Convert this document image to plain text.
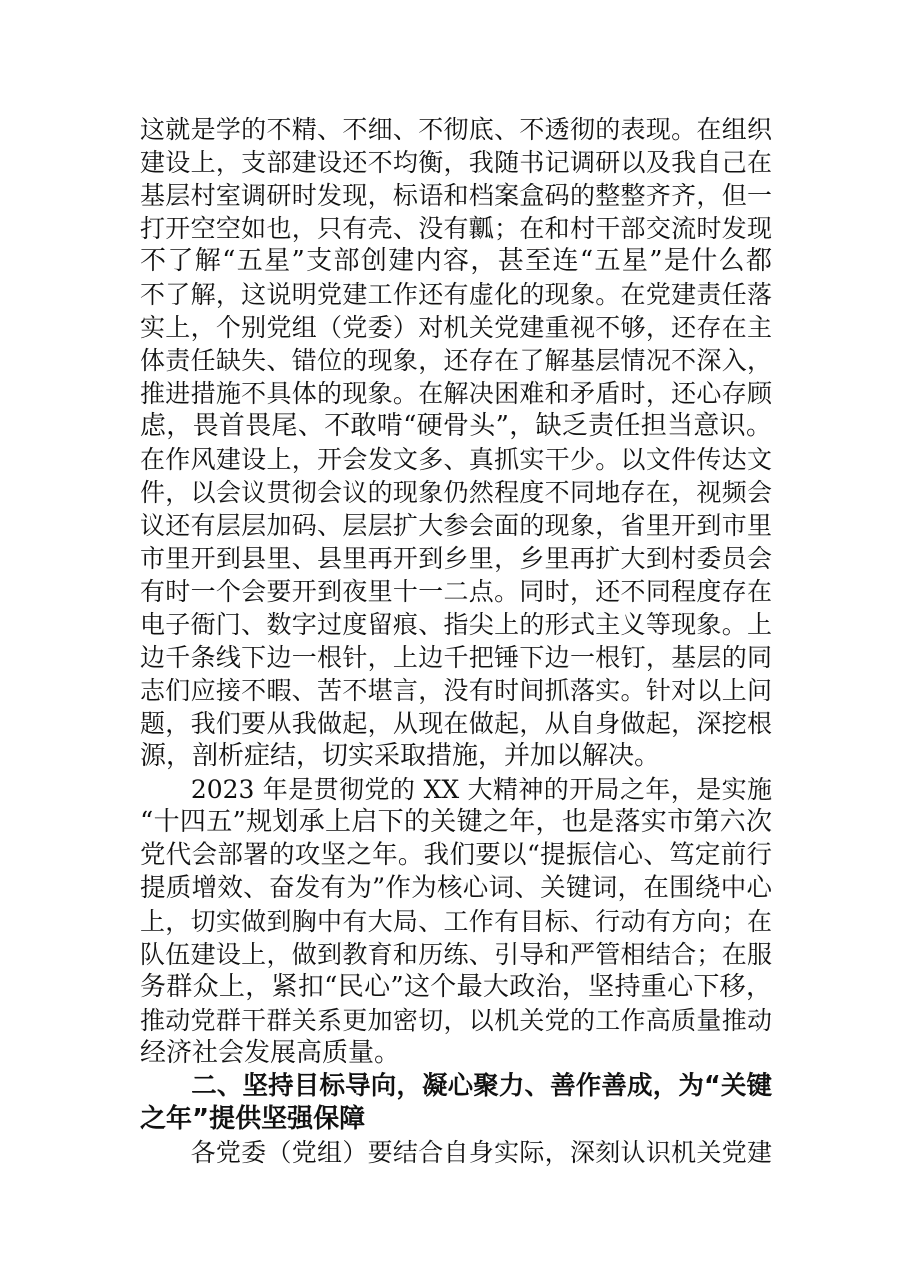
这就是学的不精、不细、不彻底、不透彻的表现。在组织
建设上，支部建设还不均衡，我随书记调研以及我自己在
基层村室调研时发现，标语和档案盒码的整整齐齐，但一
打开空空如也，只有壳、没有瓤；在和村干部交流时发现
不了解“五星”支部创建内容，甚至连“五星”是什么都
不了解，这说明党建工作还有虚化的现象。在党建责任落
实上，个别党组（党委）对机关党建重视不够，还存在主
体责任缺失、错位的现象，还存在了解基层情况不深入，
推进措施不具体的现象。在解决困难和矛盾时，还心存顾
虑，畏首畏尾、不敢啃“硬骨头”，缺乏责任担当意识。
在作风建设上，开会发文多、真抓实干少。以文件传达文
件，以会议贯彻会议的现象仍然程度不同地存在，视频会
议还有层层加码、层层扩大参会面的现象，省里开到市里
市里开到县里、县里再开到乡里，乡里再扩大到村委员会
有时一个会要开到夜里十一二点。同时，还不同程度存在
电子衙门、数字过度留痕、指尖上的形式主义等现象。上
边千条线下边一根针，上边千把锤下边一根钉，基层的同
志们应接不暇、苦不堪言，没有时间抓落实。针对以上问
题，我们要从我做起，从现在做起，从自身做起，深挖根
源，剖析症结，切实采取措施，并加以解决。
　　2023 年是贯彻党的 XX 大精神的开局之年，是实施
“十四五”规划承上启下的关键之年，也是落实市第六次
党代会部署的攻坚之年。我们要以“提振信心、笃定前行
提质增效、奋发有为”作为核心词、关键词，在围绕中心
上，切实做到胸中有大局、工作有目标、行动有方向；在
队伍建设上，做到教育和历练、引导和严管相结合；在服
务群众上，紧扣“民心”这个最大政治，坚持重心下移，
推动党群干群关系更加密切，以机关党的工作高质量推动
经济社会发展高质量。
　　二、坚持目标导向，凝心聚力、善作善成，为“关键
之年”提供坚强保障
　　各党委（党组）要结合自身实际，深刻认识机关党建
